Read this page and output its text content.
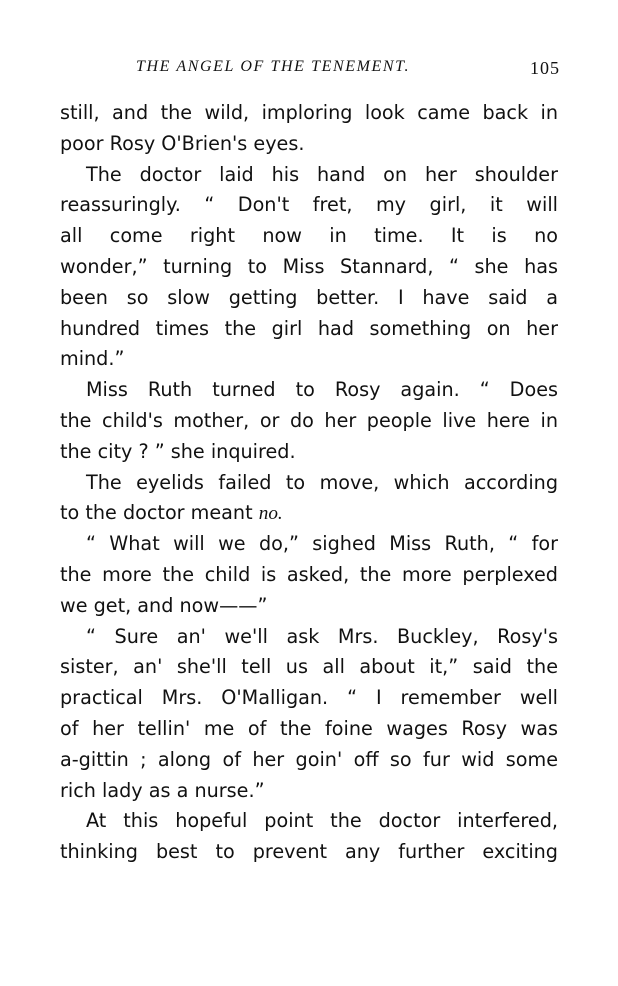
THE ANGEL OF THE TENEMENT.	105
still, and the wild, imploring look came back in
poor Rosy O'Brien's eyes.
The doctor laid his hand on her shoulder
reassuringly. “ Don't fret, my girl, it will
all come right now in time. It is no
wonder,” turning to Miss Stannard, “ she has
been so slow getting better. I have said a
hundred times the girl had something on her
mind.”
Miss Ruth turned to Rosy again. “ Does
the child's mother, or do her people live here in
the city ? ” she inquired.
The eyelids failed to move, which according
to the doctor meant no.
“ What will we do,” sighed Miss Ruth, “ for
the more the child is asked, the more perplexed
we get, and now——”
“ Sure an' we'll ask Mrs. Buckley, Rosy's
sister, an' she'll tell us all about it,” said the
practical Mrs. O'Malligan. “ I remember well
of her tellin' me of the foine wages Rosy was
a-gittin ; along of her goin' off so fur wid some
rich lady as a nurse.”
At this hopeful point the doctor interfered,
thinking best to prevent any further exciting
